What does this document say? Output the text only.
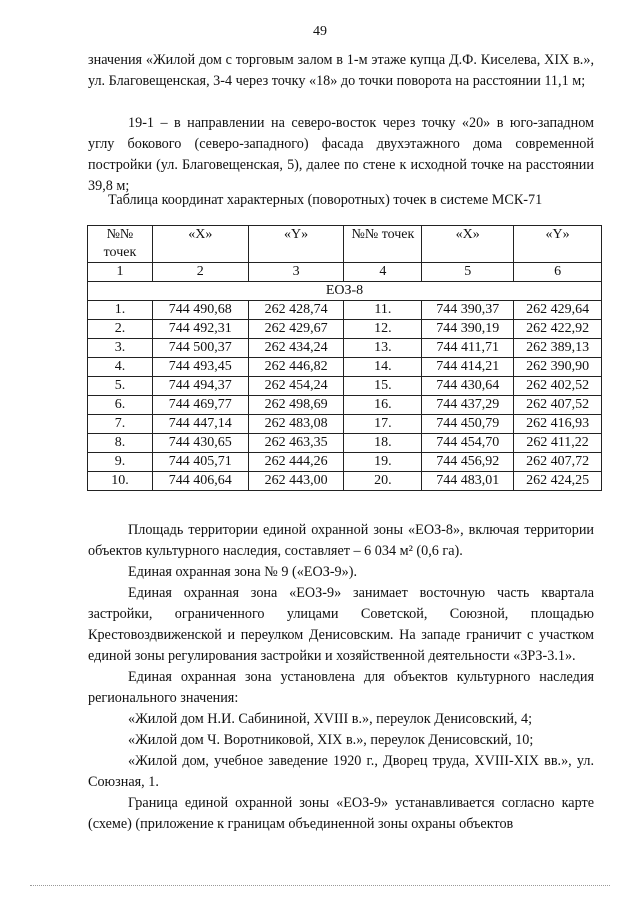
49

значения «Жилой дом с торговым залом в 1-м этаже купца Д.Ф. Киселева, XIX в.», ул. Благовещенская, 3-4 через точку «18» до точки поворота на расстоянии 11,1 м;

19-1 – в направлении на северо-восток через точку «20» в юго-западном углу бокового (северо-западного) фасада двухэтажного дома современной постройки (ул. Благовещенская, 5), далее по стене к исходной точке на расстоянии 39,8 м;

Таблица координат характерных (поворотных) точек в системе МСК-71

№№ точек	«X»	«Y»	№№ точек	«X»	«Y»
1	2	3	4	5	6
ЕОЗ-8					
1.	744 490,68	262 428,74	11.	744 390,37	262 429,64
2.	744 492,31	262 429,67	12.	744 390,19	262 422,92
3.	744 500,37	262 434,24	13.	744 411,71	262 389,13
4.	744 493,45	262 446,82	14.	744 414,21	262 390,90
5.	744 494,37	262 454,24	15.	744 430,64	262 402,52
6.	744 469,77	262 498,69	16.	744 437,29	262 407,52
7.	744 447,14	262 483,08	17.	744 450,79	262 416,93
8.	744 430,65	262 463,35	18.	744 454,70	262 411,22
9.	744 405,71	262 444,26	19.	744 456,92	262 407,72
10.	744 406,64	262 443,00	20.	744 483,01	262 424,25

Площадь территории единой охранной зоны «ЕОЗ-8», включая территории объектов культурного наследия, составляет – 6 034 м² (0,6 га).

Единая охранная зона № 9 («ЕОЗ-9»).

Единая охранная зона «ЕОЗ-9» занимает восточную часть квартала застройки, ограниченного улицами Советской, Союзной, площадью Крестовоздвиженской и переулком Денисовским. На западе граничит с участком единой зоны регулирования застройки и хозяйственной деятельности «ЗРЗ-3.1».

Единая охранная зона установлена для объектов культурного наследия регионального значения:

«Жилой дом Н.И. Сабининой, XVIII в.», переулок Денисовский, 4;

«Жилой дом Ч. Воротниковой, XIX в.», переулок Денисовский, 10;

«Жилой дом, учебное заведение 1920 г., Дворец труда, XVIII-XIX вв.», ул. Союзная, 1.

Граница единой охранной зоны «ЕОЗ-9» устанавливается согласно карте (схеме) (приложение к границам объединенной зоны охраны объектов
